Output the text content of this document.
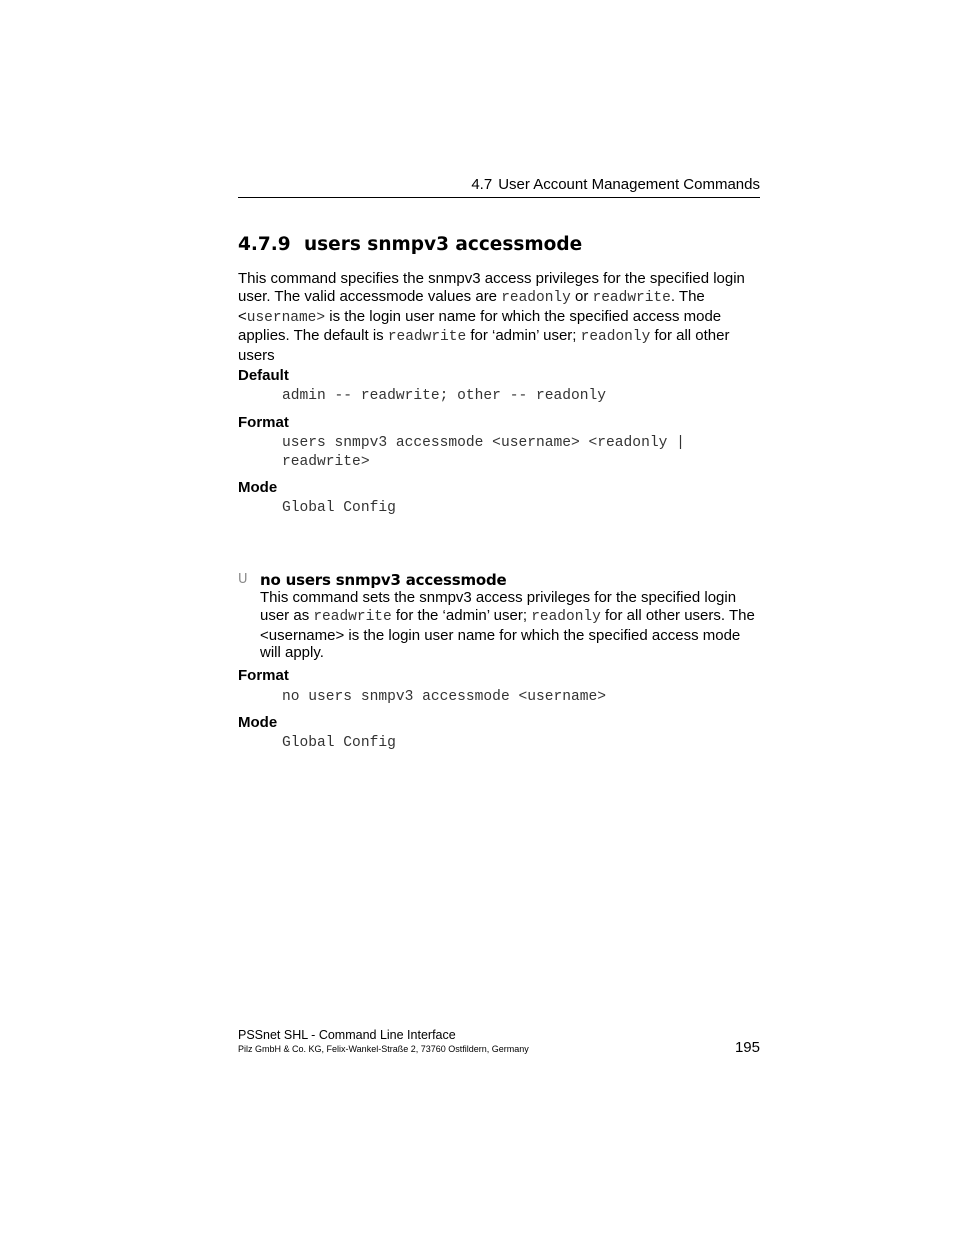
4.7 User Account Management Commands
4.7.9 users snmpv3 accessmode

This command specifies the snmpv3 access privileges for the specified login user. The valid accessmode values are readonly or readwrite. The <username> is the login user name for which the specified access mode applies. The default is readwrite for ‘admin’ user; readonly for all other users

Default
admin -- readwrite; other -- readonly
Format
users snmpv3 accessmode <username> <readonly |
readwrite>
Mode
Global Config
U no users snmpv3 accessmode

This command sets the snmpv3 access privileges for the specified login user as readwrite for the ‘admin’ user; readonly for all other users. The <username> is the login user name for which the specified access mode will apply.

Format
no users snmpv3 accessmode <username>
Mode
Global Config
PSSnet SHL - Command Line Interface
Pilz GmbH & Co. KG, Felix-Wankel-Straße 2, 73760 Ostfildern, Germany	195
